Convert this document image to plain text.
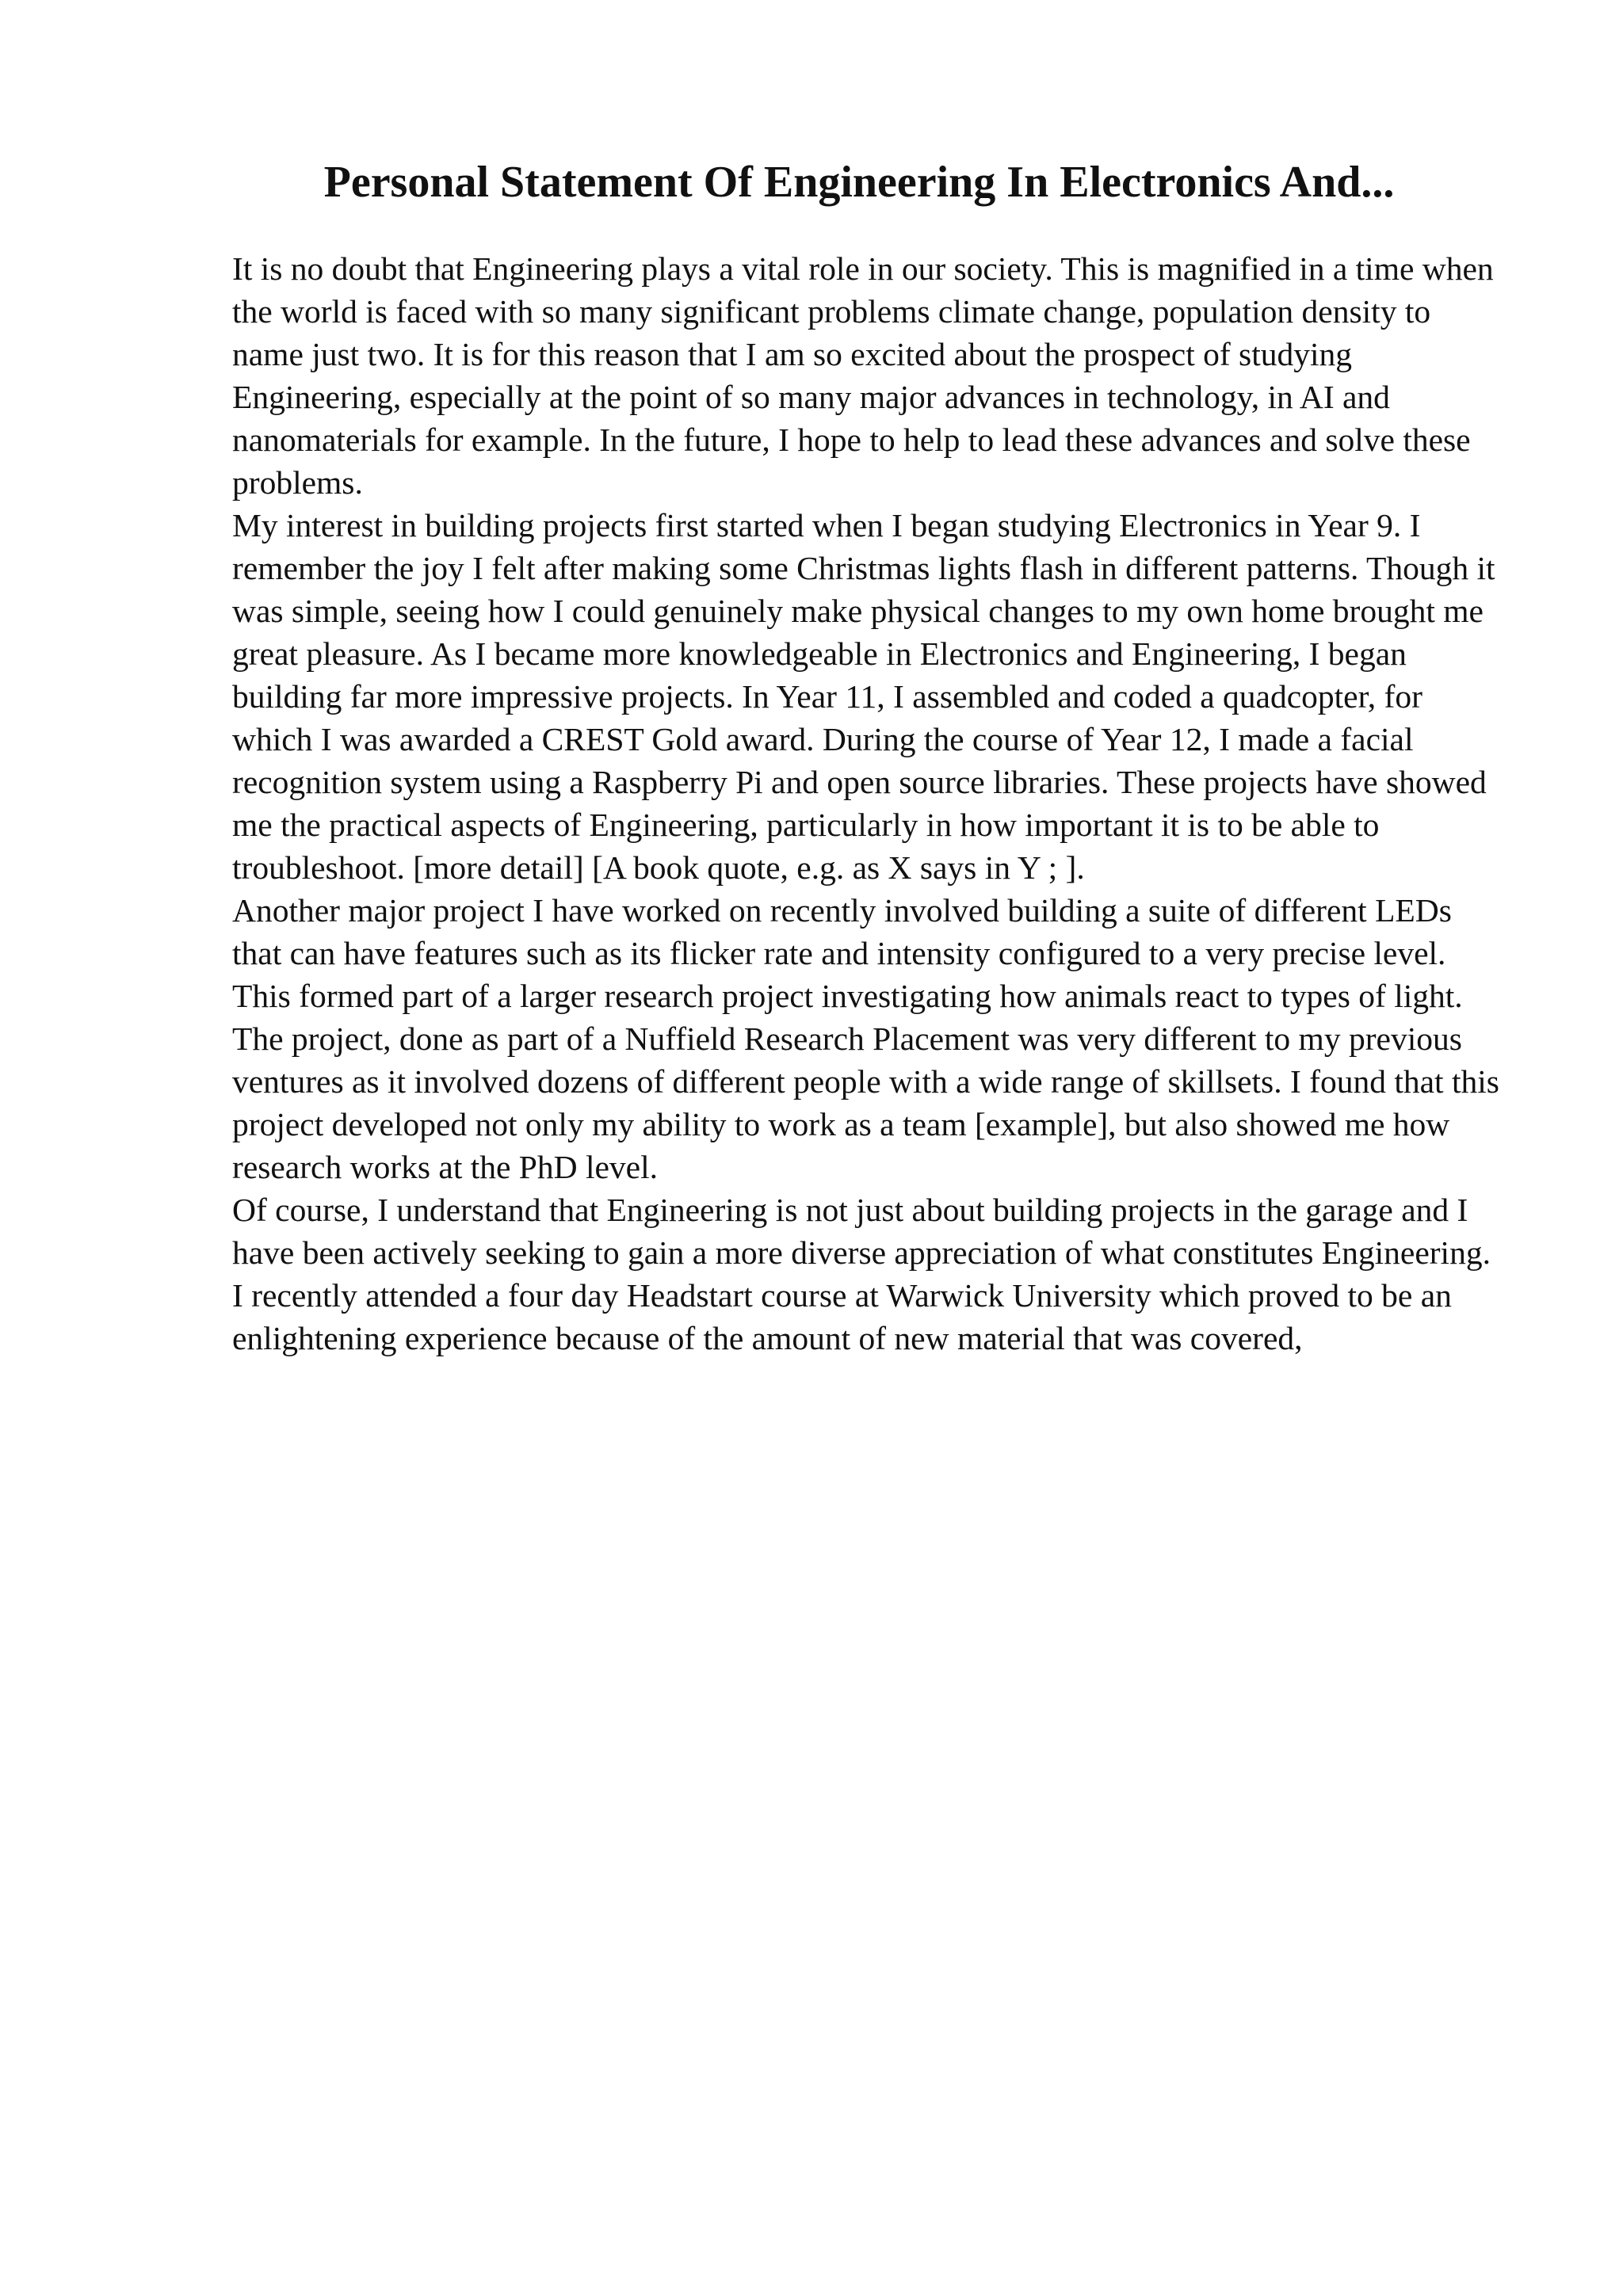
Personal Statement Of Engineering In Electronics And...

It is no doubt that Engineering plays a vital role in our society. This is magnified in a time when the world is faced with so many significant problems climate change, population density to name just two. It is for this reason that I am so excited about the prospect of studying Engineering, especially at the point of so many major advances in technology, in AI and nanomaterials for example. In the future, I hope to help to lead these advances and solve these problems.

My interest in building projects first started when I began studying Electronics in Year 9. I remember the joy I felt after making some Christmas lights flash in different patterns. Though it was simple, seeing how I could genuinely make physical changes to my own home brought me great pleasure. As I became more knowledgeable in Electronics and Engineering, I began building far more impressive projects. In Year 11, I assembled and coded a quadcopter, for which I was awarded a CREST Gold award. During the course of Year 12, I made a facial recognition system using a Raspberry Pi and open source libraries. These projects have showed me the practical aspects of Engineering, particularly in how important it is to be able to troubleshoot. [more detail] [A book quote, e.g. as X says in Y ; ].

Another major project I have worked on recently involved building a suite of different LEDs that can have features such as its flicker rate and intensity configured to a very precise level. This formed part of a larger research project investigating how animals react to types of light. The project, done as part of a Nuffield Research Placement was very different to my previous ventures as it involved dozens of different people with a wide range of skillsets. I found that this project developed not only my ability to work as a team [example], but also showed me how research works at the PhD level.

Of course, I understand that Engineering is not just about building projects in the garage and I have been actively seeking to gain a more diverse appreciation of what constitutes Engineering. I recently attended a four day Headstart course at Warwick University which proved to be an enlightening experience because of the amount of new material that was covered,
